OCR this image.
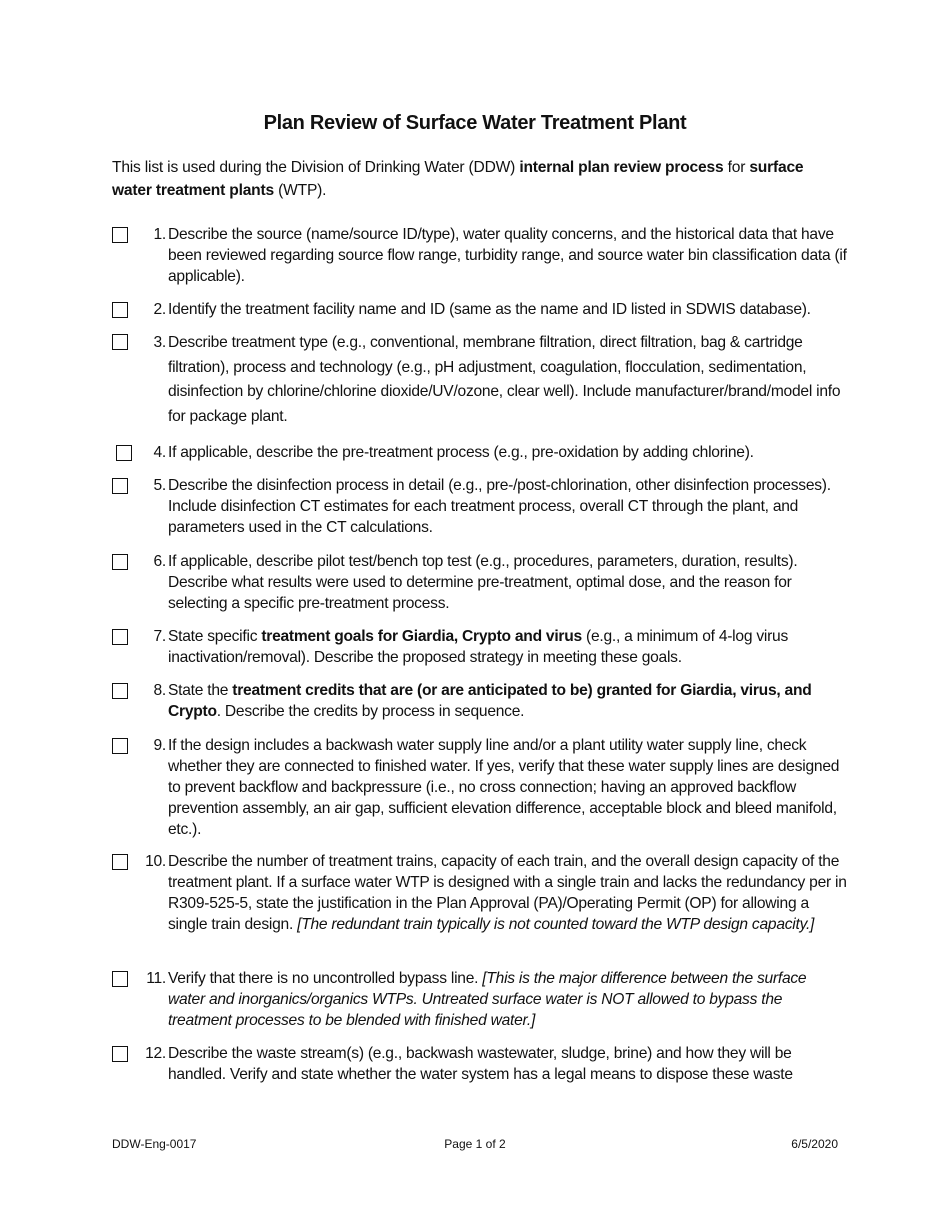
Plan Review of Surface Water Treatment Plant
This list is used during the Division of Drinking Water (DDW) internal plan review process for surface water treatment plants (WTP).
1. Describe the source (name/source ID/type), water quality concerns, and the historical data that have been reviewed regarding source flow range, turbidity range, and source water bin classification data (if applicable).
2. Identify the treatment facility name and ID (same as the name and ID listed in SDWIS database).
3. Describe treatment type (e.g., conventional, membrane filtration, direct filtration, bag & cartridge filtration), process and technology (e.g., pH adjustment, coagulation, flocculation, sedimentation, disinfection by chlorine/chlorine dioxide/UV/ozone, clear well). Include manufacturer/brand/model info for package plant.
4. If applicable, describe the pre-treatment process (e.g., pre-oxidation by adding chlorine).
5. Describe the disinfection process in detail (e.g., pre-/post-chlorination, other disinfection processes). Include disinfection CT estimates for each treatment process, overall CT through the plant, and parameters used in the CT calculations.
6. If applicable, describe pilot test/bench top test (e.g., procedures, parameters, duration, results). Describe what results were used to determine pre-treatment, optimal dose, and the reason for selecting a specific pre-treatment process.
7. State specific treatment goals for Giardia, Crypto and virus (e.g., a minimum of 4-log virus inactivation/removal). Describe the proposed strategy in meeting these goals.
8. State the treatment credits that are (or are anticipated to be) granted for Giardia, virus, and Crypto. Describe the credits by process in sequence.
9. If the design includes a backwash water supply line and/or a plant utility water supply line, check whether they are connected to finished water. If yes, verify that these water supply lines are designed to prevent backflow and backpressure (i.e., no cross connection; having an approved backflow prevention assembly, an air gap, sufficient elevation difference, acceptable block and bleed manifold, etc.).
10. Describe the number of treatment trains, capacity of each train, and the overall design capacity of the treatment plant. If a surface water WTP is designed with a single train and lacks the redundancy per in R309-525-5, state the justification in the Plan Approval (PA)/Operating Permit (OP) for allowing a single train design. [The redundant train typically is not counted toward the WTP design capacity.]
11. Verify that there is no uncontrolled bypass line. [This is the major difference between the surface water and inorganics/organics WTPs. Untreated surface water is NOT allowed to bypass the treatment processes to be blended with finished water.]
12. Describe the waste stream(s) (e.g., backwash wastewater, sludge, brine) and how they will be handled. Verify and state whether the water system has a legal means to dispose these waste
DDW-Eng-0017	Page 1 of 2	6/5/2020
